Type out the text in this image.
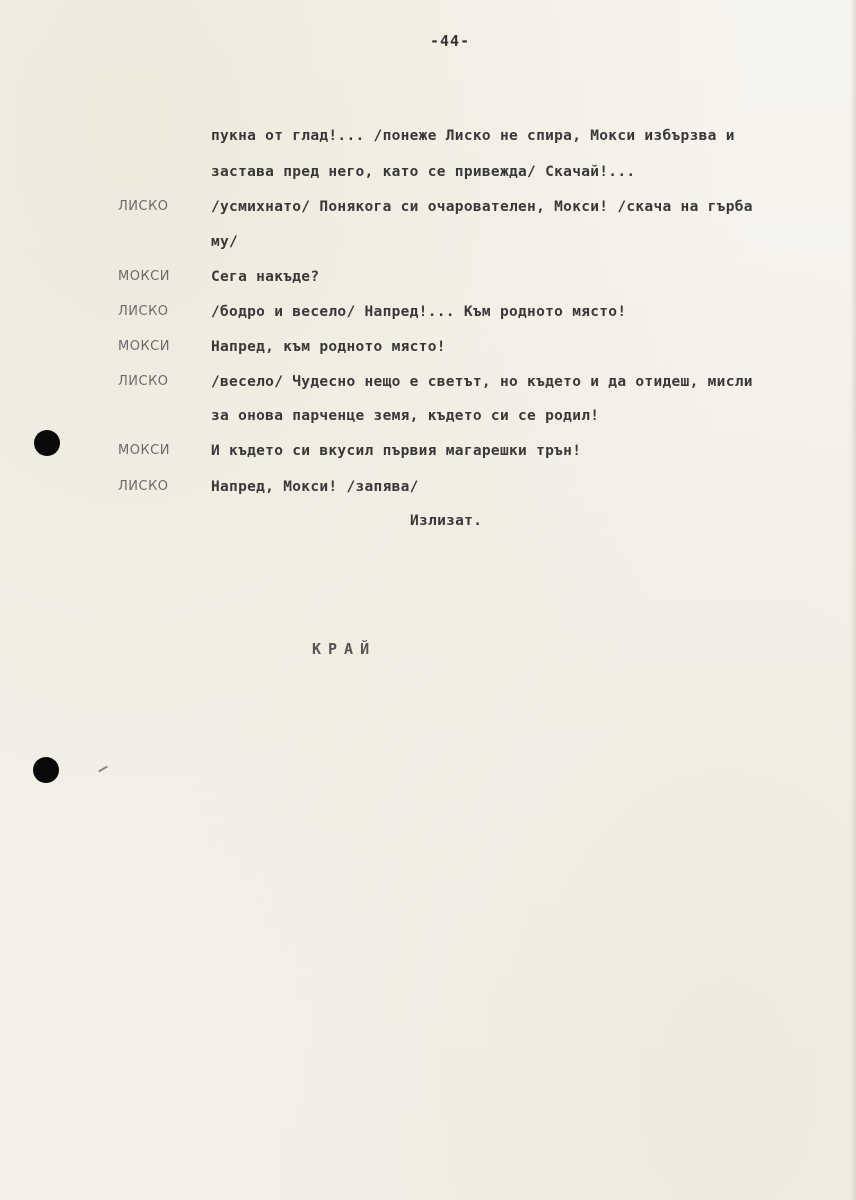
-44-
пукна от глад!... /понеже Лиско не спира, Мокси избързва и
застава пред него, като се привежда/ Скачай!...
ЛИСКО	/усмихнато/ Понякога си очарователен, Мокси! /скача на гърба
му/
МОКСИ	Сега накъде?
ЛИСКО	/бодро и весело/ Напред!... Към родното място!
МОКСИ	Напред, към родното място!
ЛИСКО	/весело/ Чудесно нещо е светът, но където и да отидеш, мисли
за онова парченце земя, където си се родил!
МОКСИ	И където си вкусил първия магарешки трън!
ЛИСКО	Напред, Мокси! /запява/
Излизат.
КРАЙ
